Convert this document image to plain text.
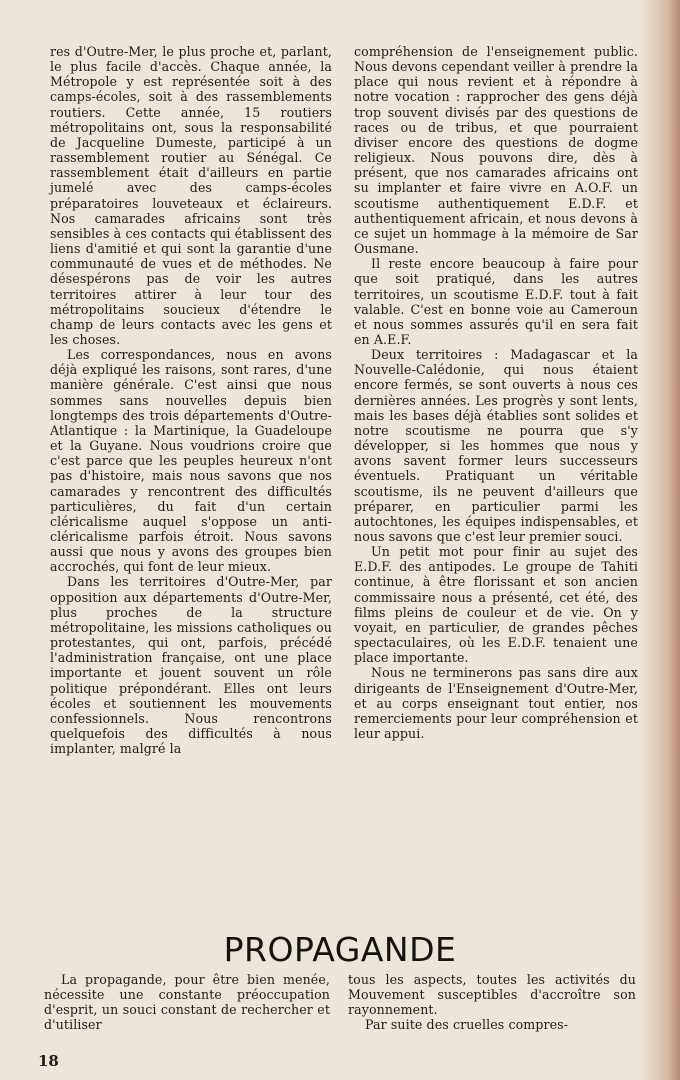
res d'Outre-Mer, le plus proche et, parlant, le plus facile d'accès. Chaque année, la Métropole y est représentée soit à des camps-écoles, soit à des rassemblements routiers. Cette année, 15 routiers métropolitains ont, sous la responsabilité de Jacqueline Dumeste, participé à un rassemblement routier au Sénégal. Ce rassemblement était d'ailleurs en partie jumelé avec des camps-écoles préparatoires louveteaux et éclaireurs. Nos camarades africains sont très sensibles à ces contacts qui établissent des liens d'amitié et qui sont la garantie d'une communauté de vues et de méthodes. Ne désespérons pas de voir les autres territoires attirer à leur tour des métropolitains soucieux d'étendre le champ de leurs contacts avec les gens et les choses.

Les correspondances, nous en avons déjà expliqué les raisons, sont rares, d'une manière générale. C'est ainsi que nous sommes sans nouvelles depuis bien longtemps des trois départements d'Outre-Atlantique : la Martinique, la Guadeloupe et la Guyane. Nous voudrions croire que c'est parce que les peuples heureux n'ont pas d'histoire, mais nous savons que nos camarades y rencontrent des difficultés particulières, du fait d'un certain cléricalisme auquel s'oppose un anti-cléricalisme parfois étroit. Nous savons aussi que nous y avons des groupes bien accrochés, qui font de leur mieux.

Dans les territoires d'Outre-Mer, par opposition aux départements d'Outre-Mer, plus proches de la structure métropolitaine, les missions catholiques ou protestantes, qui ont, parfois, précédé l'administration française, ont une place importante et jouent souvent un rôle politique prépondérant. Elles ont leurs écoles et soutiennent les mouvements confessionnels. Nous rencontrons quelquefois des difficultés à nous implanter, malgré la

compréhension de l'enseignement public. Nous devons cependant veiller à prendre la place qui nous revient et à répondre à notre vocation : rapprocher des gens déjà trop souvent divisés par des questions de races ou de tribus, et que pourraient diviser encore des questions de dogme religieux. Nous pouvons dire, dès à présent, que nos camarades africains ont su implanter et faire vivre en A.O.F. un scoutisme authentiquement E.D.F. et authentiquement africain, et nous devons à ce sujet un hommage à la mémoire de Sar Ousmane.

Il reste encore beaucoup à faire pour que soit pratiqué, dans les autres territoires, un scoutisme E.D.F. tout à fait valable. C'est en bonne voie au Cameroun et nous sommes assurés qu'il en sera fait en A.E.F.

Deux territoires : Madagascar et la Nouvelle-Calédonie, qui nous étaient encore fermés, se sont ouverts à nous ces dernières années. Les progrès y sont lents, mais les bases déjà établies sont solides et notre scoutisme ne pourra que s'y développer, si les hommes que nous y avons savent former leurs successeurs éventuels. Pratiquant un véritable scoutisme, ils ne peuvent d'ailleurs que préparer, en particulier parmi les autochtones, les équipes indispensables, et nous savons que c'est leur premier souci.

Un petit mot pour finir au sujet des E.D.F. des antipodes. Le groupe de Tahiti continue, à être florissant et son ancien commissaire nous a présenté, cet été, des films pleins de couleur et de vie. On y voyait, en particulier, de grandes pêches spectaculaires, où les E.D.F. tenaient une place importante.

Nous ne terminerons pas sans dire aux dirigeants de l'Enseignement d'Outre-Mer, et au corps enseignant tout entier, nos remerciements pour leur compréhension et leur appui.

PROPAGANDE

La propagande, pour être bien menée, nécessite une constante préoccupation d'esprit, un souci constant de rechercher et d'utiliser

tous les aspects, toutes les activités du Mouvement susceptibles d'accroître son rayonnement.

Par suite des cruelles compres-

18
